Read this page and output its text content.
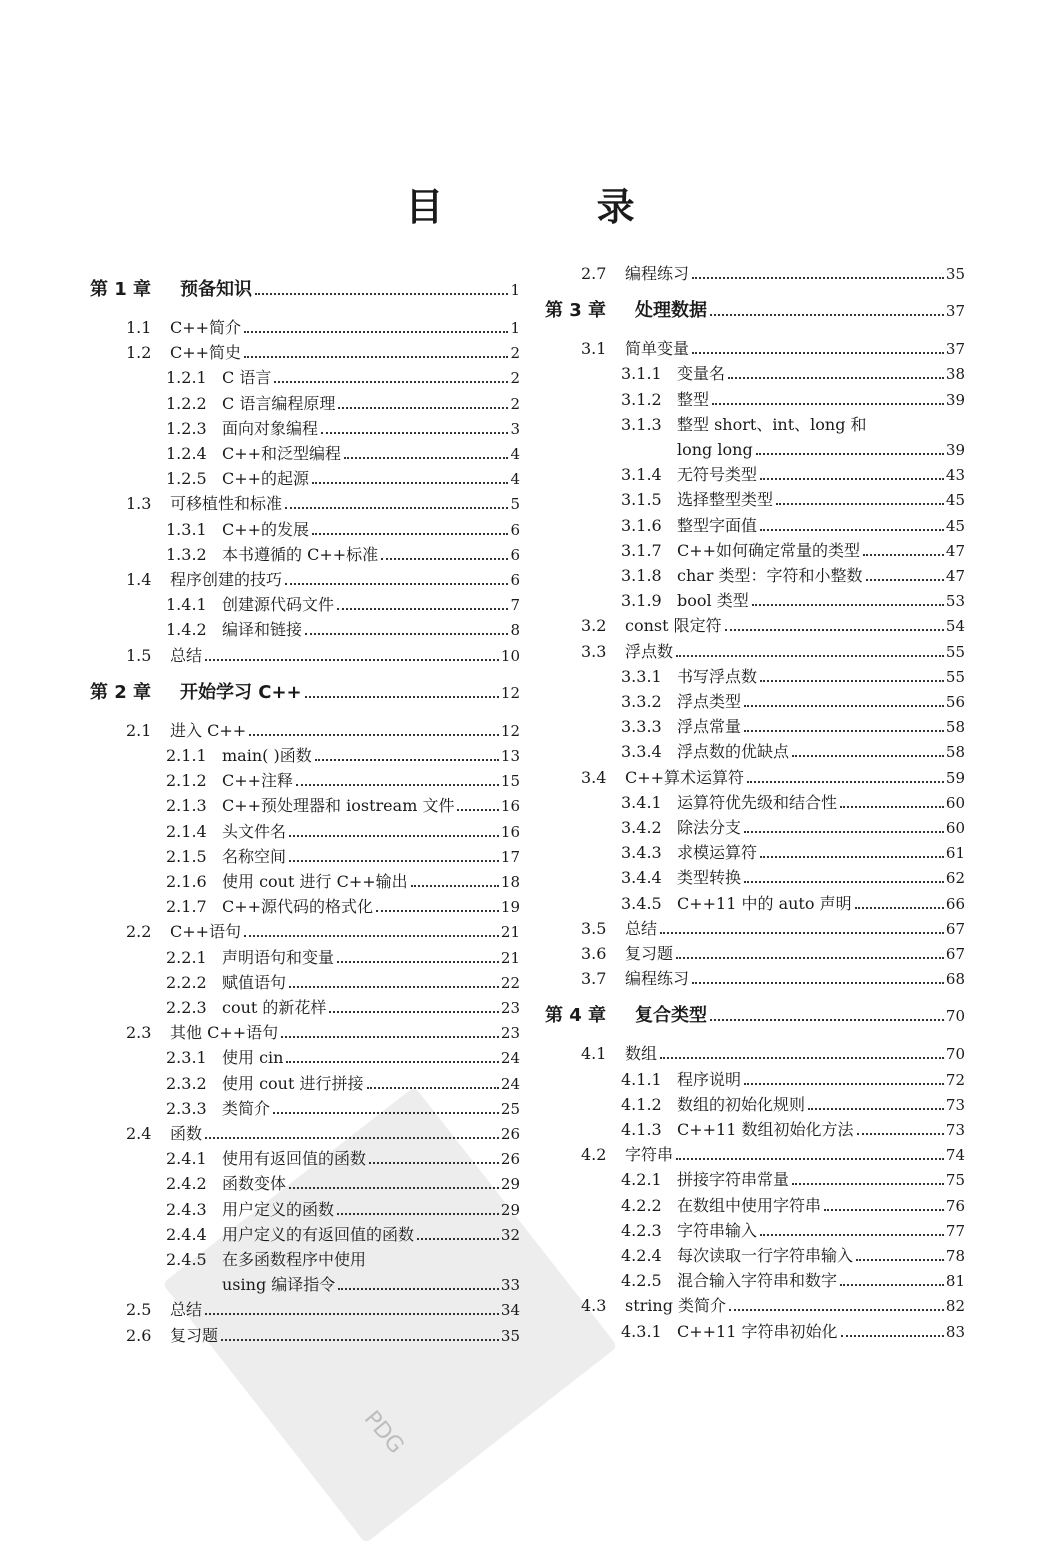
PDG
目 录
第 1 章	预备知识	1
1.1	C++简介	1
1.2	C++简史	2
1.2.1 C 语言	2
1.2.2 C 语言编程原理	2
1.2.3 面向对象编程	3
1.2.4 C++和泛型编程	4
1.2.5 C++的起源	4
1.3	可移植性和标准	5
1.3.1 C++的发展	6
1.3.2 本书遵循的 C++标准	6
1.4	程序创建的技巧	6
1.4.1 创建源代码文件	7
1.4.2 编译和链接	8
1.5	总结	10
第 2 章	开始学习 C++	12
2.1	进入 C++	12
2.1.1 main( )函数	13
2.1.2 C++注释	15
2.1.3 C++预处理器和 iostream 文件	16
2.1.4 头文件名	16
2.1.5 名称空间	17
2.1.6 使用 cout 进行 C++输出	18
2.1.7 C++源代码的格式化	19
2.2	C++语句	21
2.2.1 声明语句和变量	21
2.2.2 赋值语句	22
2.2.3 cout 的新花样	23
2.3	其他 C++语句	23
2.3.1 使用 cin	24
2.3.2 使用 cout 进行拼接	24
2.3.3 类简介	25
2.4	函数	26
2.4.1 使用有返回值的函数	26
2.4.2 函数变体	29
2.4.3 用户定义的函数	29
2.4.4 用户定义的有返回值的函数	32
2.4.5 在多函数程序中使用
using 编译指令	33
2.5	总结	34
2.6	复习题	35
2.7	编程练习	35
第 3 章	处理数据	37
3.1	简单变量	37
3.1.1 变量名	38
3.1.2 整型	39
3.1.3 整型 short、int、long 和
long long	39
3.1.4 无符号类型	43
3.1.5 选择整型类型	45
3.1.6 整型字面值	45
3.1.7 C++如何确定常量的类型	47
3.1.8 char 类型：字符和小整数	47
3.1.9 bool 类型	53
3.2	const 限定符	54
3.3	浮点数	55
3.3.1 书写浮点数	55
3.3.2 浮点类型	56
3.3.3 浮点常量	58
3.3.4 浮点数的优缺点	58
3.4	C++算术运算符	59
3.4.1 运算符优先级和结合性	60
3.4.2 除法分支	60
3.4.3 求模运算符	61
3.4.4 类型转换	62
3.4.5 C++11 中的 auto 声明	66
3.5	总结	67
3.6	复习题	67
3.7	编程练习	68
第 4 章	复合类型	70
4.1	数组	70
4.1.1 程序说明	72
4.1.2 数组的初始化规则	73
4.1.3 C++11 数组初始化方法	73
4.2	字符串	74
4.2.1 拼接字符串常量	75
4.2.2 在数组中使用字符串	76
4.2.3 字符串输入	77
4.2.4 每次读取一行字符串输入	78
4.2.5 混合输入字符串和数字	81
4.3	string 类简介	82
4.3.1 C++11 字符串初始化	83
